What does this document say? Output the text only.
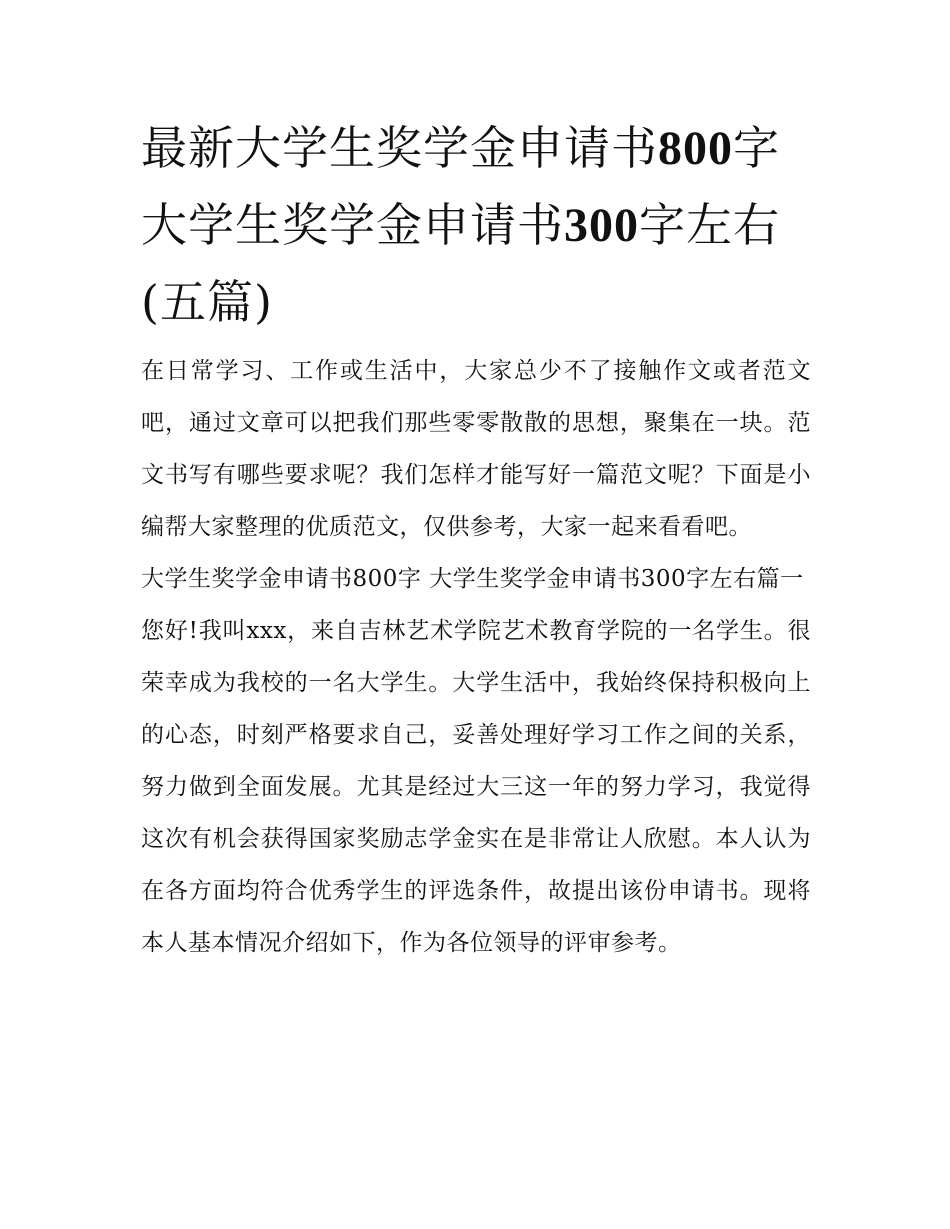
最新大学生奖学金申请书800字 大学生奖学金申请书300字左右(五篇)

在日常学习、工作或生活中，大家总少不了接触作文或者范文吧，通过文章可以把我们那些零零散散的思想，聚集在一块。范文书写有哪些要求呢？我们怎样才能写好一篇范文呢？下面是小编帮大家整理的优质范文，仅供参考，大家一起来看看吧。

大学生奖学金申请书800字 大学生奖学金申请书300字左右篇一

您好!我叫xxx，来自吉林艺术学院艺术教育学院的一名学生。很荣幸成为我校的一名大学生。大学生活中，我始终保持积极向上的心态，时刻严格要求自己，妥善处理好学习工作之间的关系，努力做到全面发展。尤其是经过大三这一年的努力学习，我觉得这次有机会获得国家奖励志学金实在是非常让人欣慰。本人认为在各方面均符合优秀学生的评选条件，故提出该份申请书。现将本人基本情况介绍如下，作为各位领导的评审参考。
